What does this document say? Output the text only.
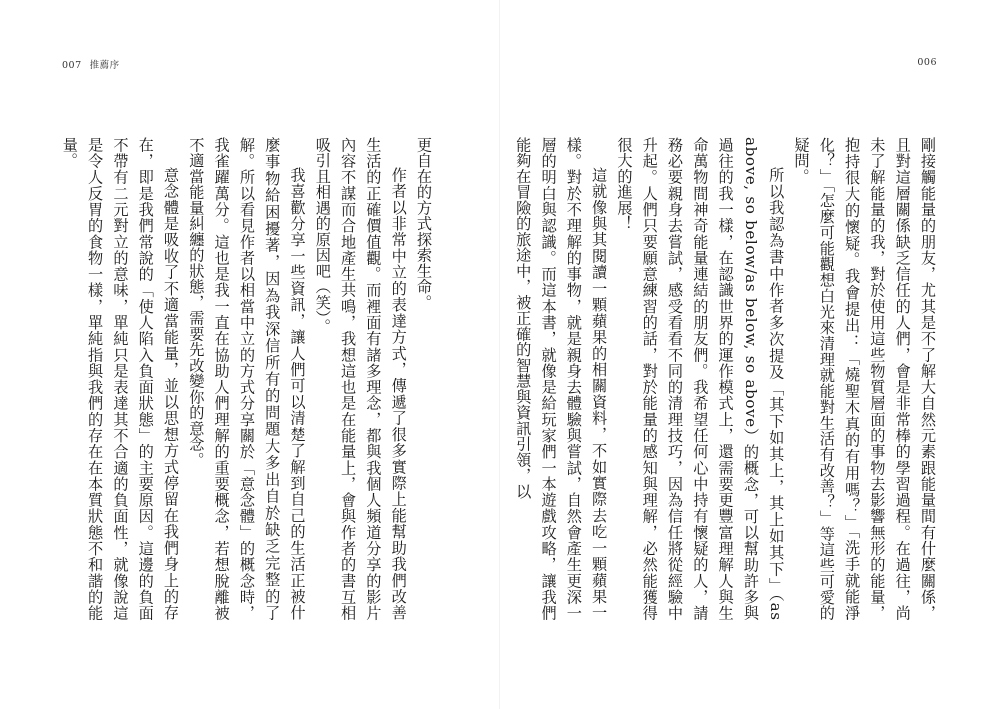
007 推薦序

更自在的方式探索生命。

作者以非常中立的表達方式，傳遞了很多實際上能幫助我們改善生活的正確價值觀。而裡面有諸多理念，都與我個人頻道分享的影片內容不謀而合地產生共鳴，我想這也是在能量上，會與作者的書互相吸引且相遇的原因吧（笑）。

我喜歡分享一些資訊，讓人們可以清楚了解到自己的生活正被什麼事物給困擾著，因為我深信所有的問題大多出自於缺乏完整的了解。所以看見作者以相當中立的方式分享關於「意念體」的概念時，我雀躍萬分。這也是我一直在協助人們理解的重要概念，若想脫離被不適當能量糾纏的狀態，需要先改變你的意念。

意念體是吸收了不適當能量，並以思想方式停留在我們身上的存在，即是我們常說的「使人陷入負面狀態」的主要原因。這邊的負面不帶有二元對立的意味，單純只是表達其不合適的負面性，就像說這是令人反胃的食物一樣，單純指與我們的存在在本質狀態不和諧的能量。

006

剛接觸能量的朋友，尤其是不了解大自然元素跟能量間有什麼關係，且對這層關係缺乏信任的人們，會是非常棒的學習過程。在過往，尚未了解能量的我，對於使用這些物質層面的事物去影響無形的能量，抱持很大的懷疑。我會提出：「燒聖木真的有用嗎？」「洗手就能淨化？」「怎麼可能觀想白光來清理就能對生活有改善？」等這些可愛的疑問。

所以我認為書中作者多次提及「其下如其上，其上如其下」（as above, so below/as below, so above）的概念，可以幫助許多與過往的我一樣，在認識世界的運作模式上，還需要更豐富理解人與生命萬物間神奇能量連結的朋友們。我希望任何心中持有懷疑的人，請務必要親身去嘗試，感受看看不同的清理技巧，因為信任將從經驗中升起。人們只要願意練習的話，對於能量的感知與理解，必然能獲得很大的進展！

這就像與其閱讀一顆蘋果的相關資料，不如實際去吃一顆蘋果一樣。對於不理解的事物，就是親身去體驗與嘗試，自然會產生更深一層的明白與認識。而這本書，就像是給玩家們一本遊戲攻略，讓我們能夠在冒險的旅途中，被正確的智慧與資訊引領，以
